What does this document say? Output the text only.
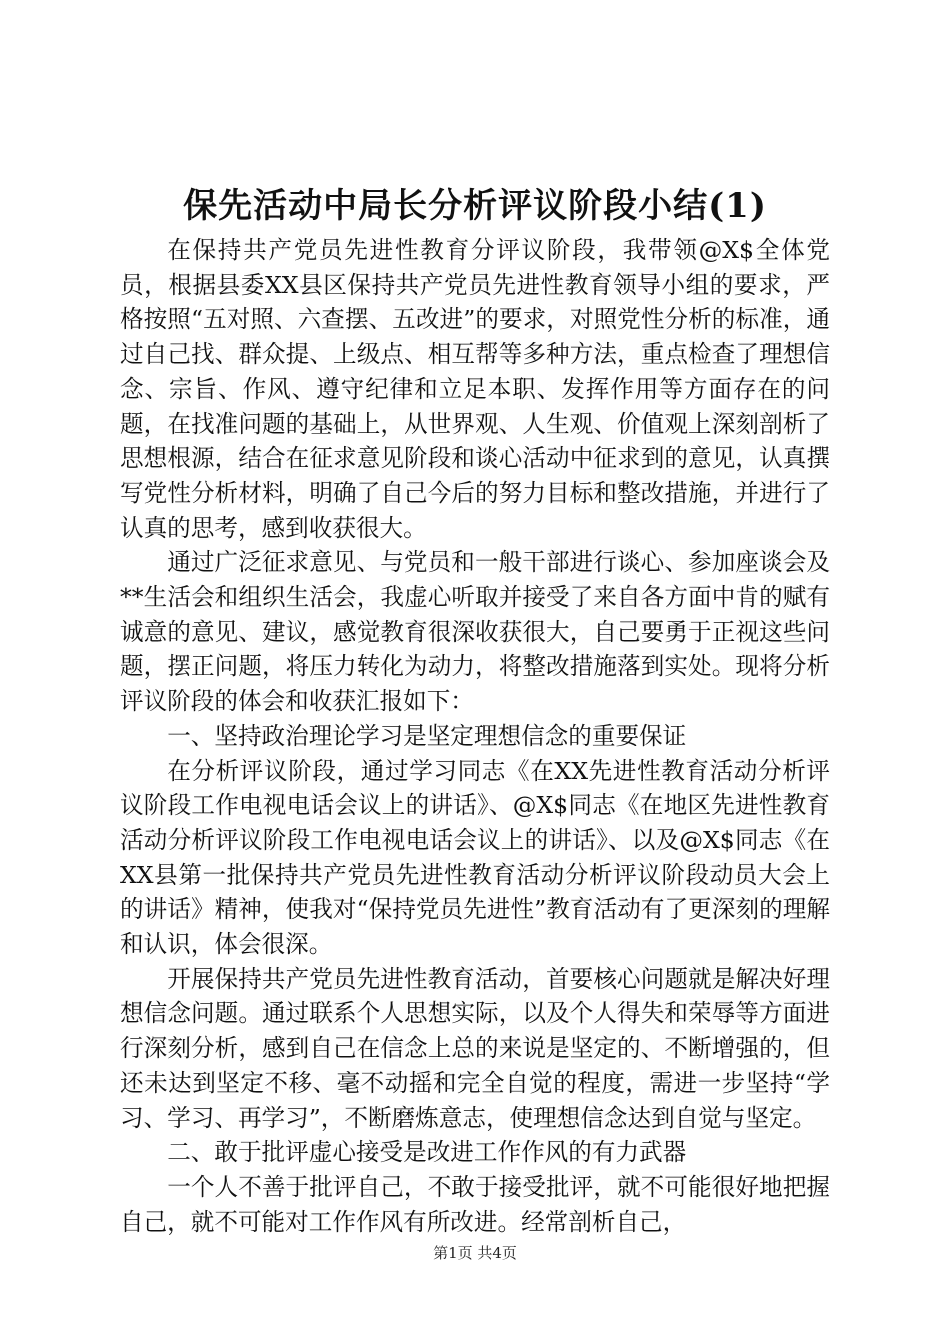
保先活动中局长分析评议阶段小结(1)

在保持共产党员先进性教育分评议阶段，我带领@X$全体党员，根据县委XX县区保持共产党员先进性教育领导小组的要求，严格按照“五对照、六查摆、五改进”的要求，对照党性分析的标准，通过自己找、群众提、上级点、相互帮等多种方法，重点检查了理想信念、宗旨、作风、遵守纪律和立足本职、发挥作用等方面存在的问题，在找准问题的基础上，从世界观、人生观、价值观上深刻剖析了思想根源，结合在征求意见阶段和谈心活动中征求到的意见，认真撰写党性分析材料，明确了自己今后的努力目标和整改措施，并进行了认真的思考，感到收获很大。

通过广泛征求意见、与党员和一般干部进行谈心、参加座谈会及**生活会和组织生活会，我虚心听取并接受了来自各方面中肯的赋有诚意的意见、建议，感觉教育很深收获很大，自己要勇于正视这些问题，摆正问题，将压力转化为动力，将整改措施落到实处。现将分析评议阶段的体会和收获汇报如下：

一、坚持政治理论学习是坚定理想信念的重要保证

在分析评议阶段，通过学习同志《在XX先进性教育活动分析评议阶段工作电视电话会议上的讲话》、@X$同志《在地区先进性教育活动分析评议阶段工作电视电话会议上的讲话》、以及@X$同志《在XX县第一批保持共产党员先进性教育活动分析评议阶段动员大会上的讲话》精神，使我对“保持党员先进性”教育活动有了更深刻的理解和认识，体会很深。

开展保持共产党员先进性教育活动，首要核心问题就是解决好理想信念问题。通过联系个人思想实际，以及个人得失和荣辱等方面进行深刻分析，感到自己在信念上总的来说是坚定的、不断增强的，但还未达到坚定不移、毫不动摇和完全自觉的程度，需进一步坚持“学习、学习、再学习”，不断磨炼意志，使理想信念达到自觉与坚定。

二、敢于批评虚心接受是改进工作作风的有力武器

一个人不善于批评自己，不敢于接受批评，就不可能很好地把握自己，就不可能对工作作风有所改进。经常剖析自己，

第1页 共4页
